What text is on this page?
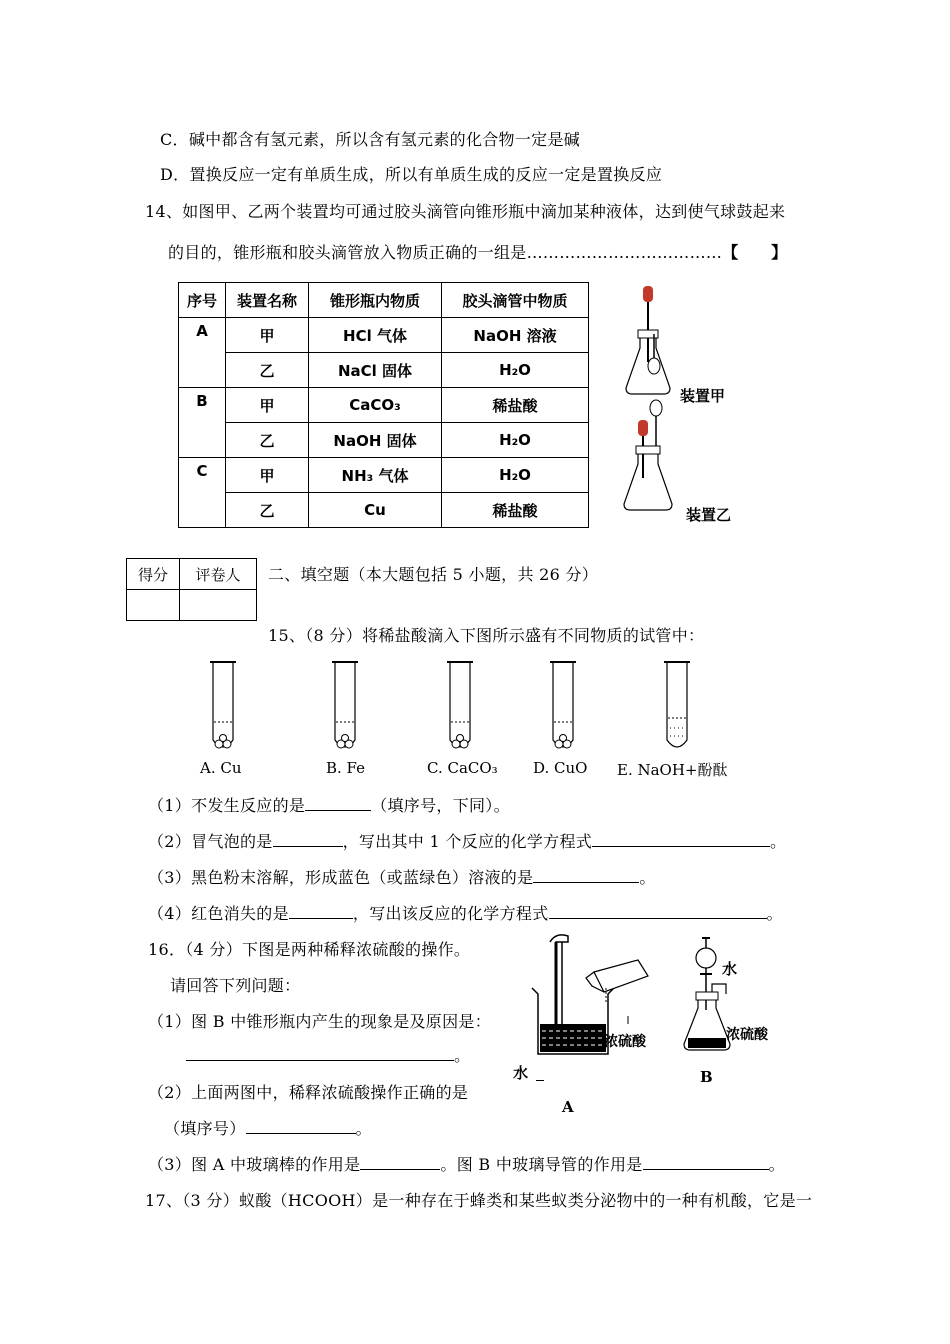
C．碱中都含有氢元素，所以含有氢元素的化合物一定是碱
D．置换反应一定有单质生成，所以有单质生成的反应一定是置换反应
14、如图甲、乙两个装置均可通过胶头滴管向锥形瓶中滴加某种液体，达到使气球鼓起来
的目的，锥形瓶和胶头滴管放入物质正确的一组是………………………………【　　】
序号	装置名称	锥形瓶内物质	胶头滴管中物质
A	甲	HCl 气体	NaOH 溶液
	乙	NaCl 固体	H₂O
B	甲	CaCO₃	稀盐酸
	乙	NaOH 固体	H₂O
C	甲	NH₃ 气体	H₂O
	乙	Cu	稀盐酸
装置甲
装置乙
得分	评卷人
	二、填空题（本大题包括 5 小题，共 26 分）
15、（8 分）将稀盐酸滴入下图所示盛有不同物质的试管中：
A. Cu	B. Fe	C. CaCO₃ D. CuO E. NaOH+酚酞
（1）不发生反应的是	（填序号，下同）。
（2）冒气泡的是	，写出其中 1 个反应的化学方程式	。
（3）黑色粉末溶解，形成蓝色（或蓝绿色）溶液的是	。
（4）红色消失的是	，写出该反应的化学方程式	。
16．（4 分）下图是两种稀释浓硫酸的操作。
请回答下列问题：
（1）图 B 中锥形瓶内产生的现象是及原因是：
。
（2）上面两图中，稀释浓硫酸操作正确的是
（填序号）	。
（3）图 A 中玻璃棒的作用是	。图 B 中玻璃导管的作用是	。
浓硫酸
水
A
水
浓硫酸
B
17、（3 分）蚁酸（HCOOH）是一种存在于蜂类和某些蚁类分泌物中的一种有机酸，它是一
